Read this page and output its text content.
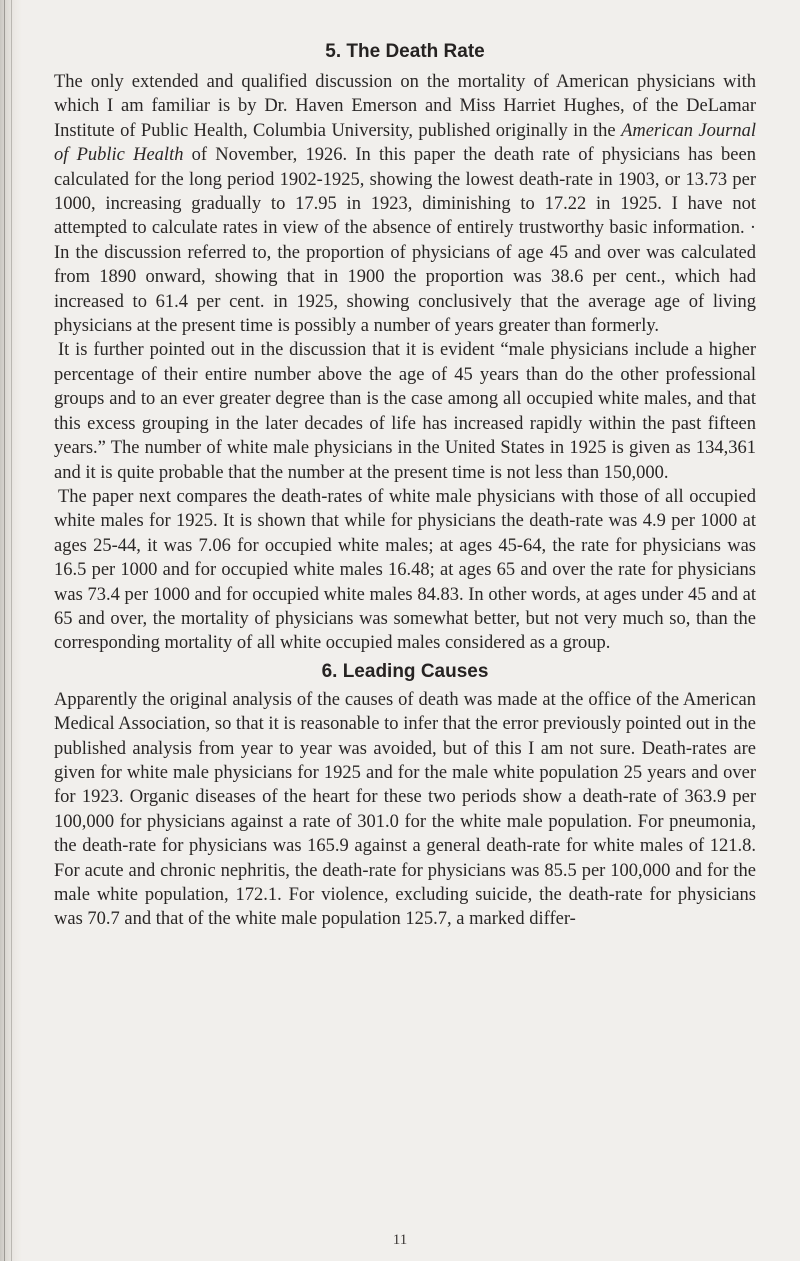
5. The Death Rate

The only extended and qualified discussion on the mortality of American physicians with which I am familiar is by Dr. Haven Emerson and Miss Harriet Hughes, of the DeLamar Institute of Public Health, Columbia University, published originally in the American Journal of Public Health of November, 1926. In this paper the death rate of physicians has been calculated for the long period 1902-1925, showing the lowest death-rate in 1903, or 13.73 per 1000, increasing gradually to 17.95 in 1923, diminishing to 17.22 in 1925. I have not attempted to calculate rates in view of the absence of entirely trustworthy basic information. · In the discussion referred to, the proportion of physicians of age 45 and over was calculated from 1890 onward, showing that in 1900 the proportion was 38.6 per cent., which had increased to 61.4 per cent. in 1925, showing conclusively that the average age of living physicians at the present time is possibly a number of years greater than formerly.

It is further pointed out in the discussion that it is evident “male physicians include a higher percentage of their entire number above the age of 45 years than do the other professional groups and to an ever greater degree than is the case among all occupied white males, and that this excess grouping in the later decades of life has increased rapidly within the past fifteen years.” The number of white male physicians in the United States in 1925 is given as 134,361 and it is quite probable that the number at the present time is not less than 150,000.

The paper next compares the death-rates of white male physicians with those of all occupied white males for 1925. It is shown that while for physicians the death-rate was 4.9 per 1000 at ages 25-44, it was 7.06 for occupied white males; at ages 45-64, the rate for physicians was 16.5 per 1000 and for occupied white males 16.48; at ages 65 and over the rate for physicians was 73.4 per 1000 and for occupied white males 84.83. In other words, at ages under 45 and at 65 and over, the mortality of physicians was somewhat better, but not very much so, than the corresponding mortality of all white occupied males considered as a group.

6. Leading Causes

Apparently the original analysis of the causes of death was made at the office of the American Medical Association, so that it is reasonable to infer that the error previously pointed out in the published analysis from year to year was avoided, but of this I am not sure. Death-rates are given for white male physicians for 1925 and for the male white population 25 years and over for 1923. Organic diseases of the heart for these two periods show a death-rate of 363.9 per 100,000 for physicians against a rate of 301.0 for the white male population. For pneumonia, the death-rate for physicians was 165.9 against a general death-rate for white males of 121.8. For acute and chronic nephritis, the death-rate for physicians was 85.5 per 100,000 and for the male white population, 172.1. For violence, excluding suicide, the death-rate for physicians was 70.7 and that of the white male population 125.7, a marked differ-

11
